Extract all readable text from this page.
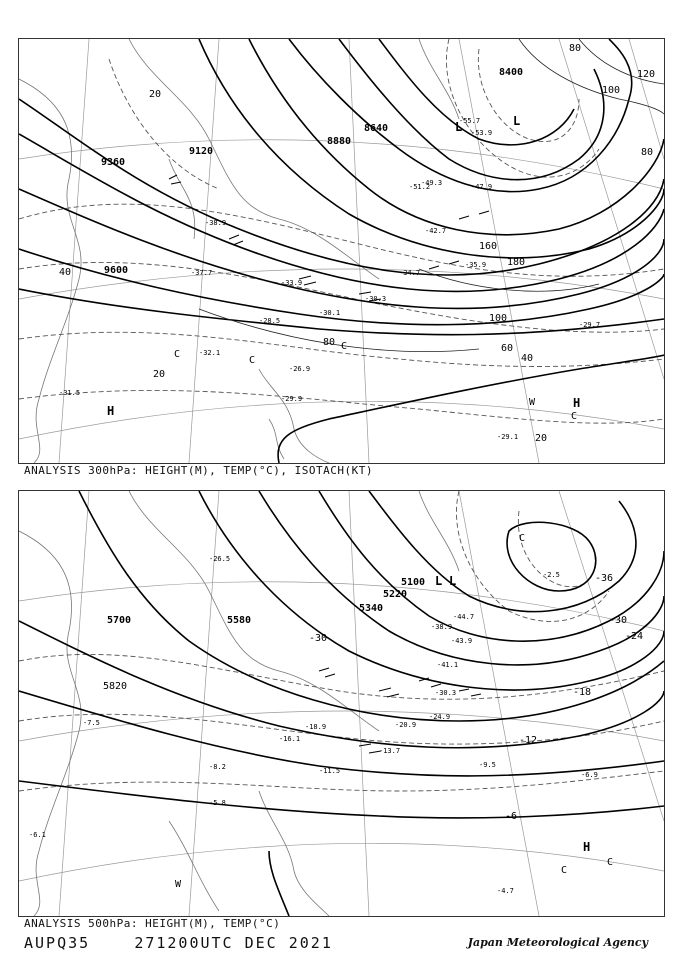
9360
9120
8880
8640
8400
9600
80
120
100
80
160
180
100
80
60
40
20
40
20
20
-55.7
-53.9
-51.2
-49.3	-47.9
-42.7
-38.9
-37.7
-35.9
-34.7
-33.9
-32.1
-31.5
-30.3
-29.9
-29.7
-28.5
-26.9
-29.1
-30.1
L	L
H
H
W
C
C
C
C
ANALYSIS 300hPa: HEIGHT(M), TEMP(°C), ISOTACH(KT)
5700	5580
5340
5220
5100
5820
-30
-36
-30
-24
-18
-12
-6
-44.7
-43.9
-41.1
-38.9
-30.3
-26.5
-24.9
-20.9
-18.9
-16.1
-13.7
-11.5
-9.5
-8.2
-7.5
-6.9
-5.8
-4.7
-2.5
-6.1
L L
H
W
C
C
C
ANALYSIS 500hPa: HEIGHT(M), TEMP(°C)
AUPQ35	271200UTC DEC 2021	Japan Meteorological Agency
